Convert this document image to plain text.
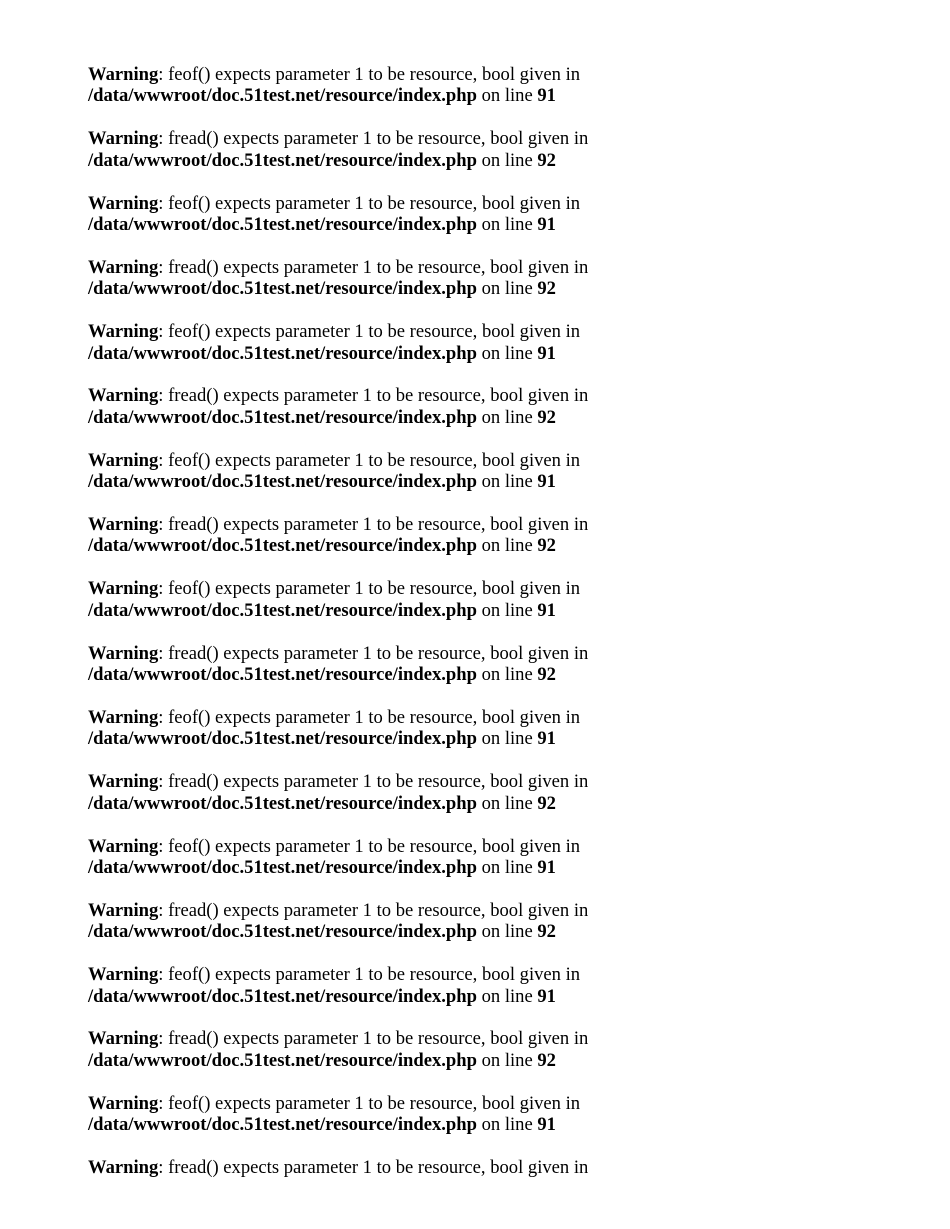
Warning: feof() expects parameter 1 to be resource, bool given in
/data/wwwroot/doc.51test.net/resource/index.php on line 91
Warning: fread() expects parameter 1 to be resource, bool given in
/data/wwwroot/doc.51test.net/resource/index.php on line 92
Warning: feof() expects parameter 1 to be resource, bool given in
/data/wwwroot/doc.51test.net/resource/index.php on line 91
Warning: fread() expects parameter 1 to be resource, bool given in
/data/wwwroot/doc.51test.net/resource/index.php on line 92
Warning: feof() expects parameter 1 to be resource, bool given in
/data/wwwroot/doc.51test.net/resource/index.php on line 91
Warning: fread() expects parameter 1 to be resource, bool given in
/data/wwwroot/doc.51test.net/resource/index.php on line 92
Warning: feof() expects parameter 1 to be resource, bool given in
/data/wwwroot/doc.51test.net/resource/index.php on line 91
Warning: fread() expects parameter 1 to be resource, bool given in
/data/wwwroot/doc.51test.net/resource/index.php on line 92
Warning: feof() expects parameter 1 to be resource, bool given in
/data/wwwroot/doc.51test.net/resource/index.php on line 91
Warning: fread() expects parameter 1 to be resource, bool given in
/data/wwwroot/doc.51test.net/resource/index.php on line 92
Warning: feof() expects parameter 1 to be resource, bool given in
/data/wwwroot/doc.51test.net/resource/index.php on line 91
Warning: fread() expects parameter 1 to be resource, bool given in
/data/wwwroot/doc.51test.net/resource/index.php on line 92
Warning: feof() expects parameter 1 to be resource, bool given in
/data/wwwroot/doc.51test.net/resource/index.php on line 91
Warning: fread() expects parameter 1 to be resource, bool given in
/data/wwwroot/doc.51test.net/resource/index.php on line 92
Warning: feof() expects parameter 1 to be resource, bool given in
/data/wwwroot/doc.51test.net/resource/index.php on line 91
Warning: fread() expects parameter 1 to be resource, bool given in
/data/wwwroot/doc.51test.net/resource/index.php on line 92
Warning: feof() expects parameter 1 to be resource, bool given in
/data/wwwroot/doc.51test.net/resource/index.php on line 91
Warning: fread() expects parameter 1 to be resource, bool given in
